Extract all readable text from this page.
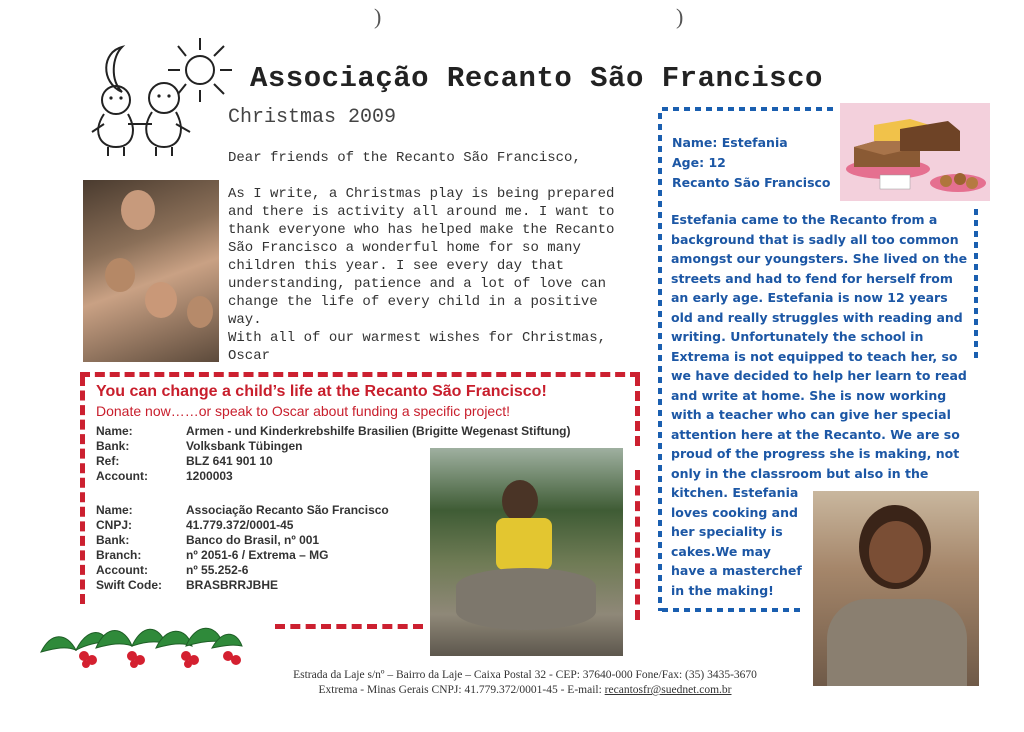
)	)
Associação Recanto São Francisco
Christmas 2009
Dear friends of the Recanto São Francisco,

As I write, a Christmas play is being prepared

and there is activity all around me. I want to

thank everyone who has helped make the Recanto

São Francisco a wonderful home for so many

children this year. I see every day that

understanding, patience and a lot of love can

change the life of every child in a positive

way.

With all of our warmest wishes for Christmas,

Oscar

You can change a child’s life at the Recanto São Francisco!
Donate now……or speak to Oscar about funding a specific project!
Name:	Armen - und Kinderkrebshilfe Brasilien (Brigitte Wegenast Stiftung)
Bank:	Volksbank Tübingen
Ref:	BLZ 641 901 10
Account:	1200003
Name:	Associação Recanto São Francisco
CNPJ:	41.779.372/0001-45
Bank:	Banco do Brasil, nº 001
Branch:	nº 2051-6 / Extrema – MG
Account:	nº 55.252-6
Swift Code: BRASBRRJBHE
Name: Estefania
Age: 12
Recanto São Francisco
Estefania came to the Recanto from a
background that is sadly all too common
amongst our youngsters. She lived on the
streets and had to fend for herself from
an early age. Estefania is now 12 years
old and really struggles with reading and
writing. Unfortunately the school in
Extrema is not equipped to teach her, so
we have decided to help her learn to read
and write at home. She is now working
with a teacher who can give her special
attention here at the Recanto. We are so
proud of the progress she is making, not
only in the classroom but also in the
kitchen. Estefania
loves cooking and
her speciality is
cakes.We may
have a masterchef
in the making!
Estrada da Laje s/nº – Bairro da Laje – Caixa Postal 32 - CEP: 37640-000 Fone/Fax: (35) 3435-3670
Extrema - Minas Gerais CNPJ: 41.779.372/0001-45 - E-mail: recantosfr@suednet.com.br
